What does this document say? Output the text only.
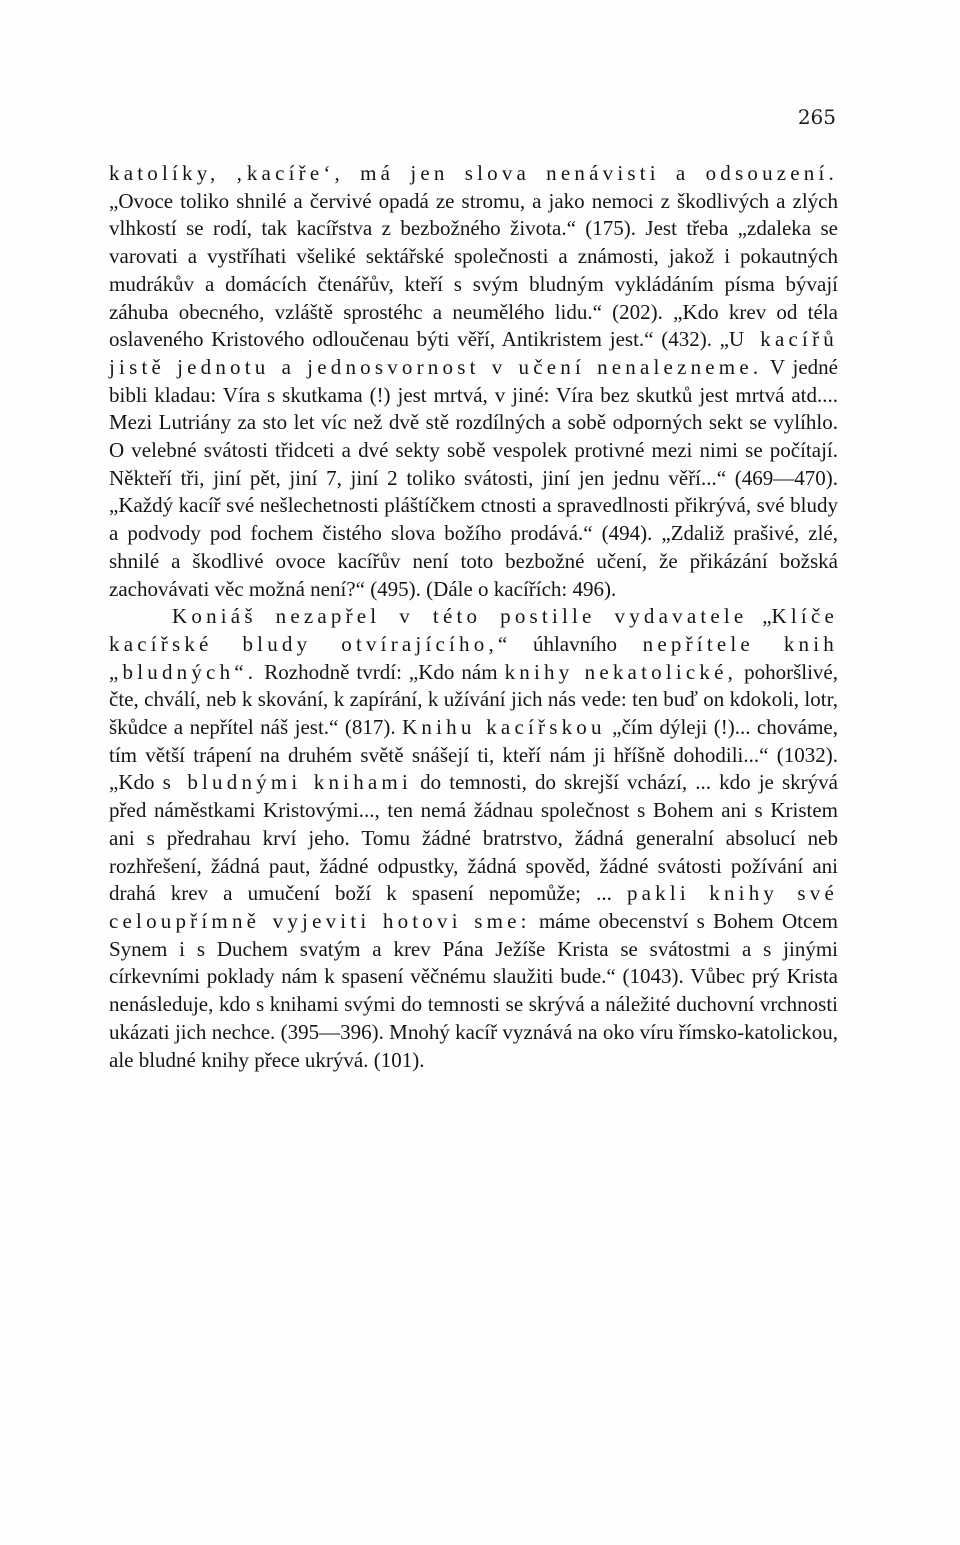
265

katolíky, ‚kacíře‘, má jen slova nenávisti a odsouzení. „Ovoce toliko shnilé a červivé opadá ze stromu, a jako nemoci z škodlivých a zlých vlhkostí se rodí, tak kacířstva z bezbožného života.“ (175). Jest třeba „zdaleka se varovati a vystříhati všeliké sektářské společnosti a známosti, jakož i pokautných mudrákův a domácích čtenářův, kteří s svým bludným vykládáním písma bývají záhuba obecného, vzláště sprostéhc a neumělého lidu.“ (202). „Kdo krev od téla oslaveného Kristového odloučenau býti věří, Antikristem jest.“ (432). „U kacířů jistě jednotu a jednosvornost v učení nenalezneme. V jedné bibli kladau: Víra s skutkama (!) jest mrtvá, v jiné: Víra bez skutků jest mrtvá atd.... Mezi Lutriány za sto let víc než dvě stě rozdílných a sobě odporných sekt se vylíhlo. O velebné svátosti třidceti a dvé sekty sobě vespolek protivné mezi nimi se počítají. Někteří tři, jiní pět, jiní 7, jiní 2 toliko svátosti, jiní jen jednu věří...“ (469—470). „Každý kacíř své nešlechetnosti pláštíčkem ctnosti a spravedlnosti přikrývá, své bludy a podvody pod fochem čistého slova božího prodává.“ (494). „Zdaliž prašivé, zlé, shnilé a škodlivé ovoce kacířův není toto bezbožné učení, že přikázání božská zachovávati věc možná není?“ (495). (Dále o kacířích: 496).

Koniáš nezapřel v této postille vydavatele „Klíče kacířské bludy otvírajícího,“ úhlavního nepřítele knih „bludných“. Rozhodně tvrdí: „Kdo nám knihy nekatolické, pohoršlivé, čte, chválí, neb k skování, k zapírání, k užívání jich nás vede: ten buď on kdokoli, lotr, škůdce a nepřítel náš jest.“ (817). Knihu kacířskou „čím dýleji (!)... chováme, tím větší trápení na druhém světě snášejí ti, kteří nám ji hříšně dohodili...“ (1032). „Kdo s bludnými knihami do temnosti, do skrejší vchází, ... kdo je skrývá před náměstkami Kristovými..., ten nemá žádnau společnost s Bohem ani s Kristem ani s předrahau krví jeho. Tomu žádné bratrstvo, žádná generalní absolucí neb rozhřešení, žádná paut, žádné odpustky, žádná spověd, žádné svátosti požívání ani drahá krev a umučení boží k spasení nepomůže; ... pakli knihy své celoupřímně vyjeviti hotovi sme: máme obecenství s Bohem Otcem Synem i s Duchem svatým a krev Pána Ježíše Krista se svátostmi a s jinými církevními poklady nám k spasení věčnému slaužiti bude.“ (1043). Vůbec prý Krista nenásleduje, kdo s knihami svými do temnosti se skrývá a náležité duchovní vrchnosti ukázati jich nechce. (395—396). Mnohý kacíř vyznává na oko víru římsko-katolickou, ale bludné knihy přece ukrývá. (101).
